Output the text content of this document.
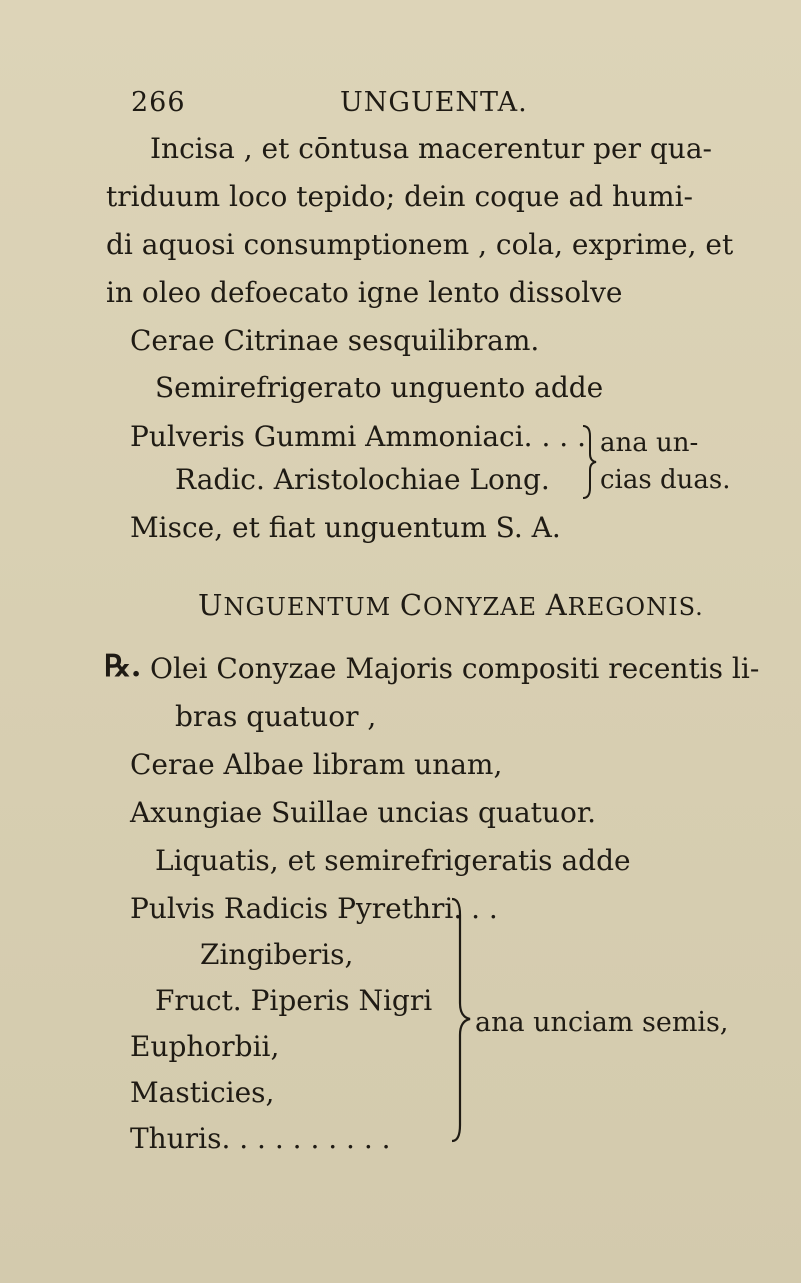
266	UNGUENTA.
Incisa , et cōntusa macerentur per qua-
triduum loco tepido; dein coque ad humi-
di aquosi consumptionem , cola, exprime, et
in oleo defoecato igne lento dissolve
Cerae Citrinae sesquilibram.
Semirefrigerato unguento adde
Pulveris Gummi Ammoniaci. . . .
Radic. Aristolochiae Long.
ana un-
cias duas.
Misce, et fiat unguentum S. A.
UNGUENTUM CONYZAE AREGONIS.
℞. Olei Conyzae Majoris compositi recentis li-
bras quatuor ,
Cerae Albae libram unam,
Axungiae Suillae uncias quatuor.
Liquatis, et semirefrigeratis adde
Pulvis Radicis Pyrethri. . .
Zingiberis,
Fruct. Piperis Nigri
Euphorbii,
Masticies,
Thuris. . . . . . . . . .
ana unciam semis,
